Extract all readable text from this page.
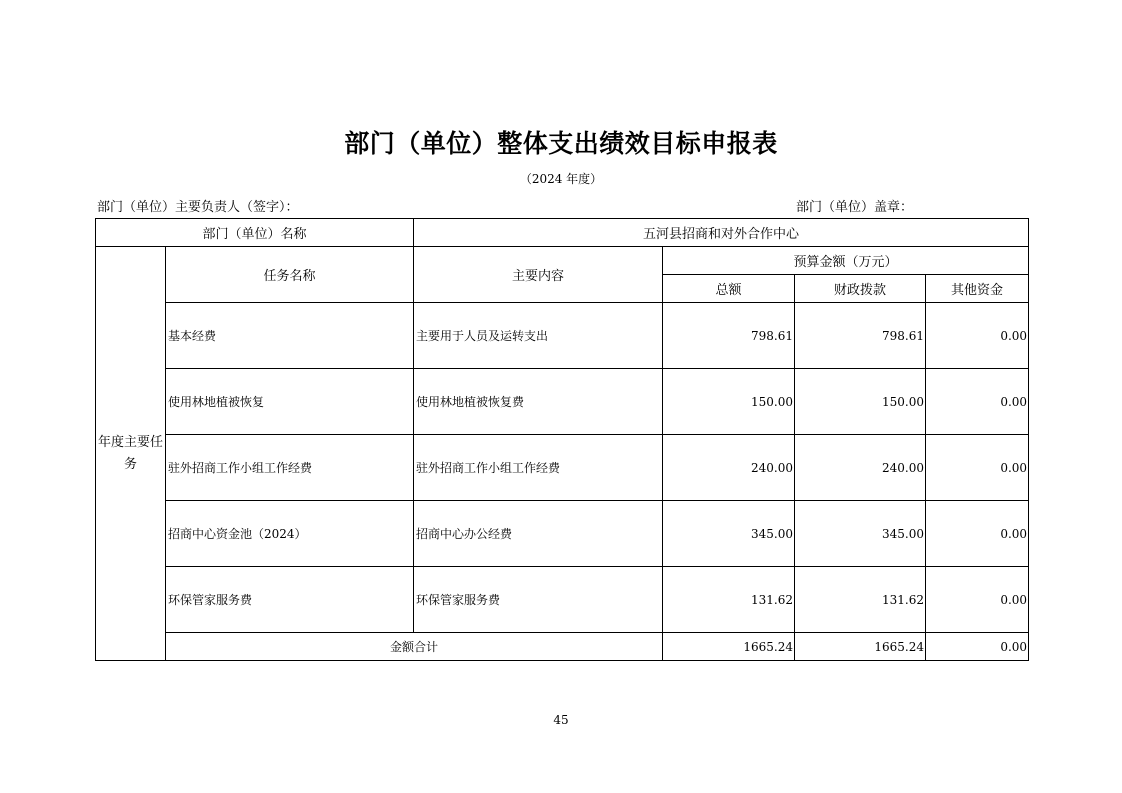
部门（单位）整体支出绩效目标申报表
（2024 年度）
部门（单位）主要负责人（签字）：	部门（单位）盖章：
部门（单位）名称		五河县招商和对外合作中心			
年度主要任务	任务名称	主要内容	预算金额（万元）		
			总额	财政拨款	其他资金
	基本经费	主要用于人员及运转支出	798.61	798.61	0.00
	使用林地植被恢复	使用林地植被恢复费	150.00	150.00	0.00
	驻外招商工作小组工作经费	驻外招商工作小组工作经费	240.00	240.00	0.00
	招商中心资金池（2024）	招商中心办公经费	345.00	345.00	0.00
	环保管家服务费	环保管家服务费	131.62	131.62	0.00
	金额合计		1665.24	1665.24	0.00
45
